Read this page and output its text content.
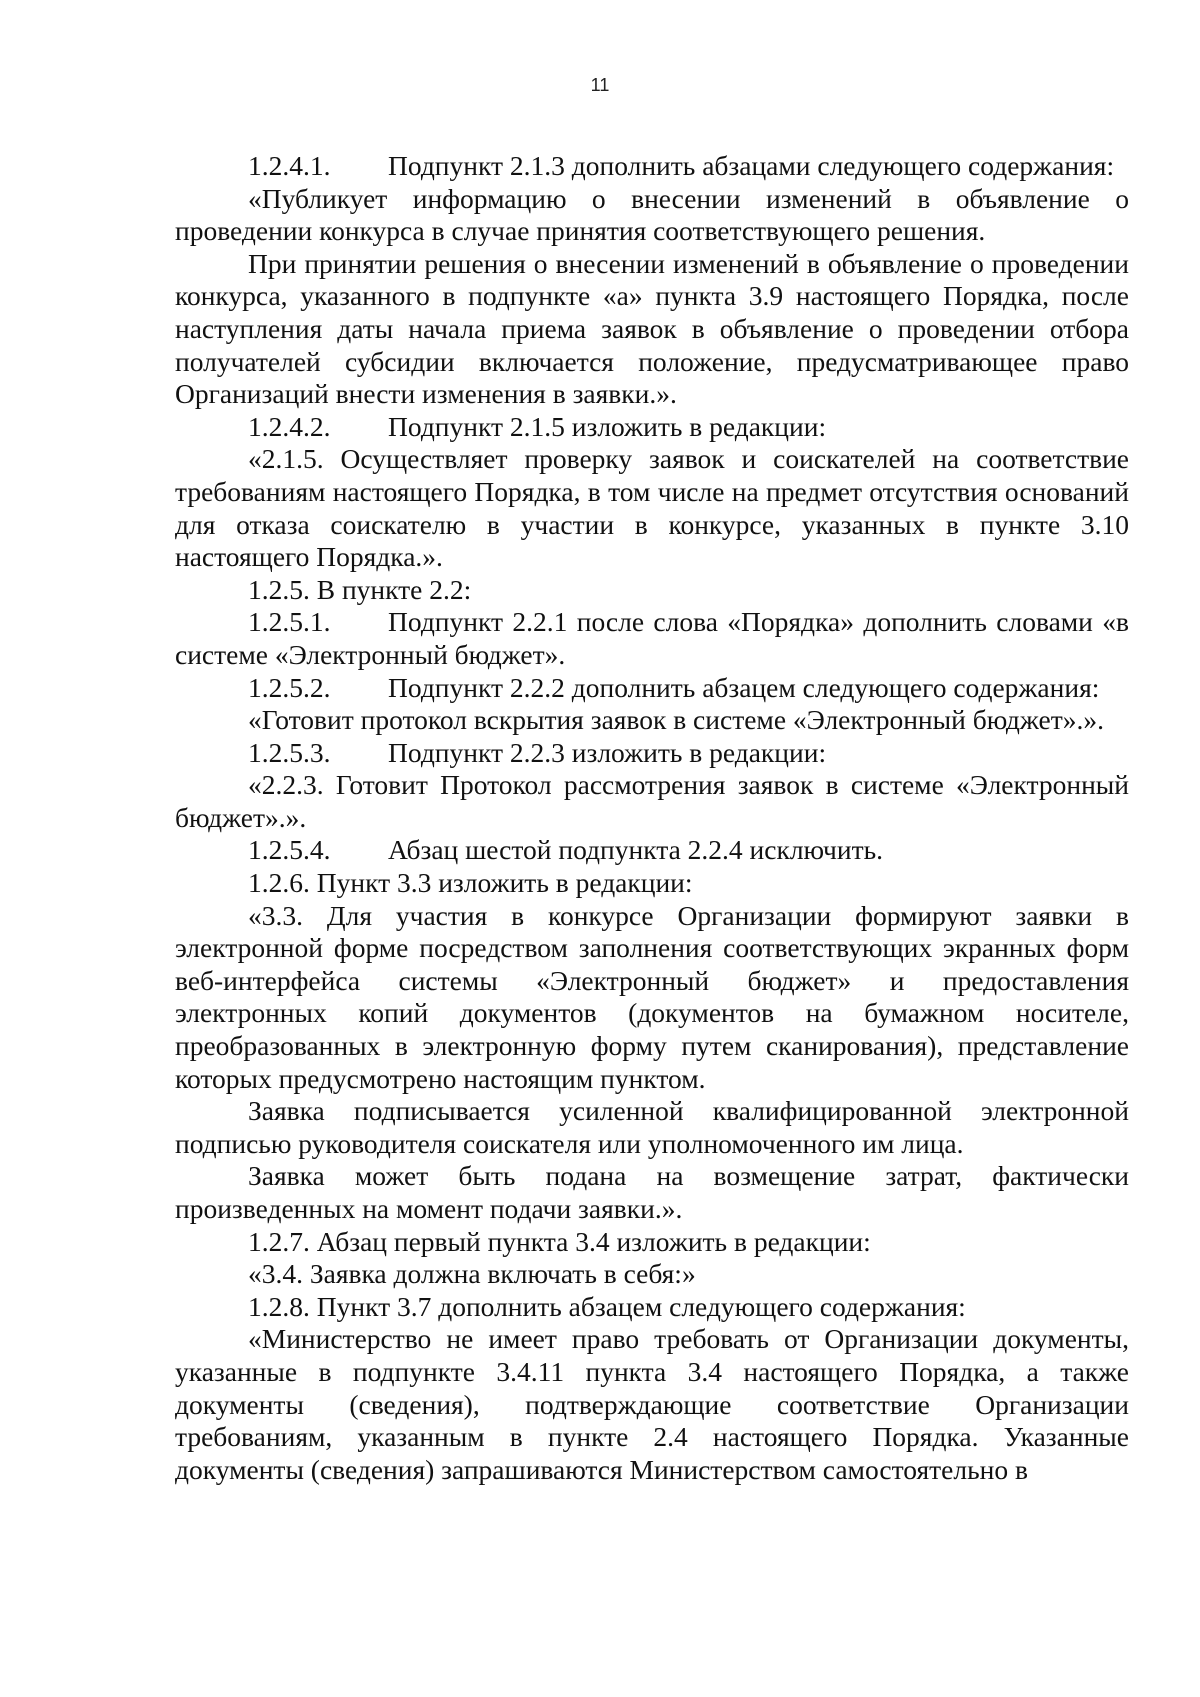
11

1.2.4.1. Подпункт 2.1.3 дополнить абзацами следующего содержания:

«Публикует информацию о внесении изменений в объявление о проведении конкурса в случае принятия соответствующего решения.

При принятии решения о внесении изменений в объявление о проведении конкурса, указанного в подпункте «а» пункта 3.9 настоящего Порядка, после наступления даты начала приема заявок в объявление о проведении отбора получателей субсидии включается положение, предусматривающее право Организаций внести изменения в заявки.».

1.2.4.2. Подпункт 2.1.5 изложить в редакции:

«2.1.5. Осуществляет проверку заявок и соискателей на соответствие требованиям настоящего Порядка, в том числе на предмет отсутствия оснований для отказа соискателю в участии в конкурсе, указанных в пункте 3.10 настоящего Порядка.».

1.2.5. В пункте 2.2:

1.2.5.1. Подпункт 2.2.1 после слова «Порядка» дополнить словами «в системе «Электронный бюджет».

1.2.5.2. Подпункт 2.2.2 дополнить абзацем следующего содержания:

«Готовит протокол вскрытия заявок в системе «Электронный бюджет».».

1.2.5.3. Подпункт 2.2.3 изложить в редакции:

«2.2.3. Готовит Протокол рассмотрения заявок в системе «Электронный бюджет».».

1.2.5.4. Абзац шестой подпункта 2.2.4 исключить.

1.2.6. Пункт 3.3 изложить в редакции:

«3.3. Для участия в конкурсе Организации формируют заявки в электронной форме посредством заполнения соответствующих экранных форм веб-интерфейса системы «Электронный бюджет» и предоставления электронных копий документов (документов на бумажном носителе, преобразованных в электронную форму путем сканирования), представление которых предусмотрено настоящим пунктом.

Заявка подписывается усиленной квалифицированной электронной подписью руководителя соискателя или уполномоченного им лица.

Заявка может быть подана на возмещение затрат, фактически произведенных на момент подачи заявки.».

1.2.7. Абзац первый пункта 3.4 изложить в редакции:

«3.4. Заявка должна включать в себя:»

1.2.8. Пункт 3.7 дополнить абзацем следующего содержания:

«Министерство не имеет право требовать от Организации документы, указанные в подпункте 3.4.11 пункта 3.4 настоящего Порядка, а также документы (сведения), подтверждающие соответствие Организации требованиям, указанным в пункте 2.4 настоящего Порядка. Указанные документы (сведения) запрашиваются Министерством самостоятельно в
